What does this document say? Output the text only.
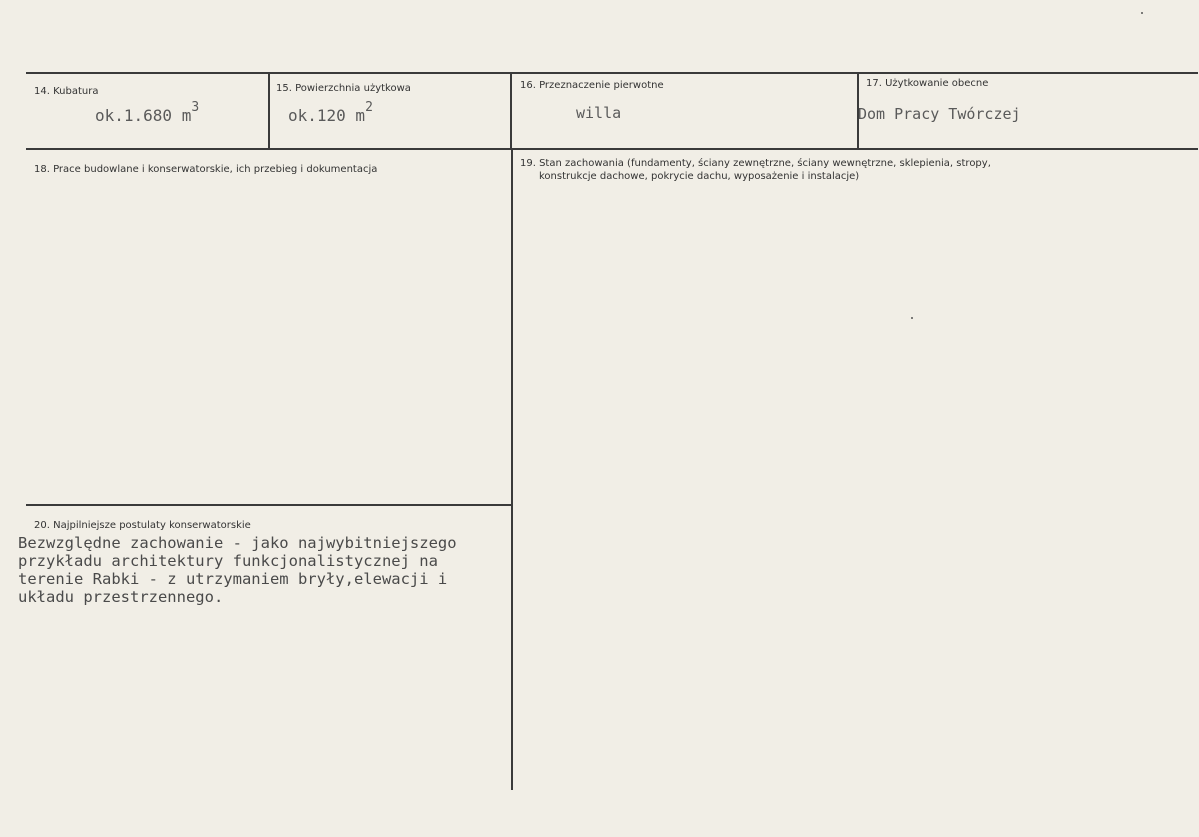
14. Kubatura
ok.1.680 $m^3$
15. Powierzchnia użytkowa
ok.120 $m^2$
16. Przeznaczenie pierwotne
willa
17. Użytkowanie obecne
Dom Pracy Twórczej
18. Prace budowlane i konserwatorskie, ich przebieg i dokumentacja
19. Stan zachowania (fundamenty, ściany zewnętrzne, ściany wewnętrzne, sklepienia, stropy,
konstrukcje dachowe, pokrycie dachu, wyposażenie i instalacje)
20. Najpilniejsze postulaty konserwatorskie
Bezwzględne zachowanie - jako najwybitniejszego
przykładu architektury funkcjonalistycznej na
terenie Rabki - z utrzymaniem bryły,elewacji i
układu przestrzennego.
